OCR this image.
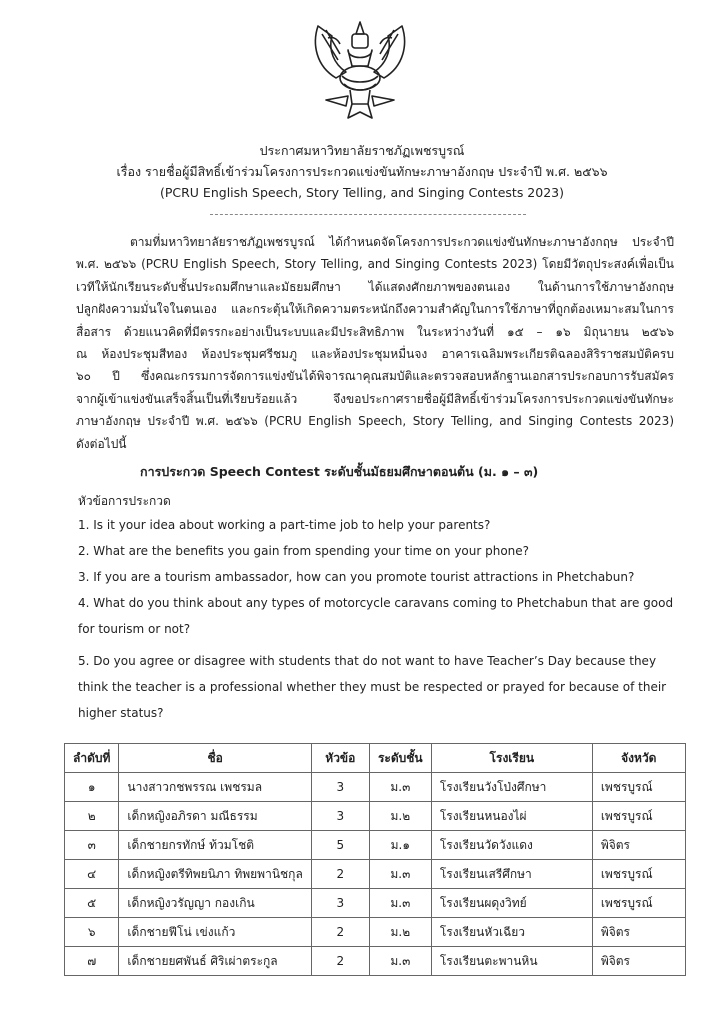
ประกาศมหาวิทยาลัยราชภัฏเพชรบูรณ์
เรื่อง รายชื่อผู้มีสิทธิ์เข้าร่วมโครงการประกวดแข่งขันทักษะภาษาอังกฤษ ประจำปี พ.ศ. ๒๕๖๖
(PCRU English Speech, Story Telling, and Singing Contests 2023)
ตามที่มหาวิทยาลัยราชภัฏเพชรบูรณ์ ได้กำหนดจัดโครงการประกวดแข่งขันทักษะภาษาอังกฤษ ประจำปี
พ.ศ. ๒๕๖๖ (PCRU English Speech, Story Telling, and Singing Contests 2023) โดยมีวัตถุประสงค์เพื่อเป็น
เวทีให้นักเรียนระดับชั้นประถมศึกษาและมัธยมศึกษา ได้แสดงศักยภาพของตนเอง ในด้านการใช้ภาษาอังกฤษ
ปลูกฝังความมั่นใจในตนเอง และกระตุ้นให้เกิดความตระหนักถึงความสำคัญในการใช้ภาษาที่ถูกต้องเหมาะสมในการ
สื่อสาร ด้วยแนวคิดที่มีตรรกะอย่างเป็นระบบและมีประสิทธิภาพ ในระหว่างวันที่ ๑๕ – ๑๖ มิถุนายน ๒๕๖๖
ณ ห้องประชุมสีทอง ห้องประชุมศรีชมภู และห้องประชุมหมื่นจง อาคารเฉลิมพระเกียรติฉลองสิริราชสมบัติครบ
๖๐ ปี ซึ่งคณะกรรมการจัดการแข่งขันได้พิจารณาคุณสมบัติและตรวจสอบหลักฐานเอกสารประกอบการรับสมัคร
จากผู้เข้าแข่งขันเสร็จสิ้นเป็นที่เรียบร้อยแล้ว จึงขอประกาศรายชื่อผู้มีสิทธิ์เข้าร่วมโครงการประกวดแข่งขันทักษะ
ภาษาอังกฤษ ประจำปี พ.ศ. ๒๕๖๖ (PCRU English Speech, Story Telling, and Singing Contests 2023)
ดังต่อไปนี้
การประกวด Speech Contest ระดับชั้นมัธยมศึกษาตอนต้น (ม. ๑ – ๓)
หัวข้อการประกวด
1. Is it your idea about working a part-time job to help your parents?
2. What are the benefits you gain from spending your time on your phone?
3. If you are a tourism ambassador, how can you promote tourist attractions in Phetchabun?
4. What do you think about any types of motorcycle caravans coming to Phetchabun that are good for tourism or not?
5. Do you agree or disagree with students that do not want to have Teacher’s Day because they think the teacher is a professional whether they must be respected or prayed for because of their higher status?
ลำดับที่	ชื่อ	หัวข้อ	ระดับชั้น	โรงเรียน	จังหวัด
๑	นางสาวกชพรรณ เพชรมล	3	ม.๓	โรงเรียนวังโป่งศึกษา	เพชรบูรณ์
๒	เด็กหญิงอภิรดา มณีธรรม	3	ม.๒	โรงเรียนหนองไผ่	เพชรบูรณ์
๓	เด็กชายกรทักษ์ ท้วมโชติ	5	ม.๑	โรงเรียนวัดวังแดง	พิจิตร
๔	เด็กหญิงตรีทิพยนิภา ทิพยพานิชกุล	2	ม.๓	โรงเรียนเสรีศึกษา	เพชรบูรณ์
๕	เด็กหญิงวรัญญา กองเกิน	3	ม.๓	โรงเรียนผดุงวิทย์	เพชรบูรณ์
๖	เด็กชายฟีโน่ เข่งแก้ว	2	ม.๒	โรงเรียนหัวเฉียว	พิจิตร
๗	เด็กชายยศพันธ์ ศิริเผ่าตระกูล	2	ม.๓	โรงเรียนตะพานหิน	พิจิตร
